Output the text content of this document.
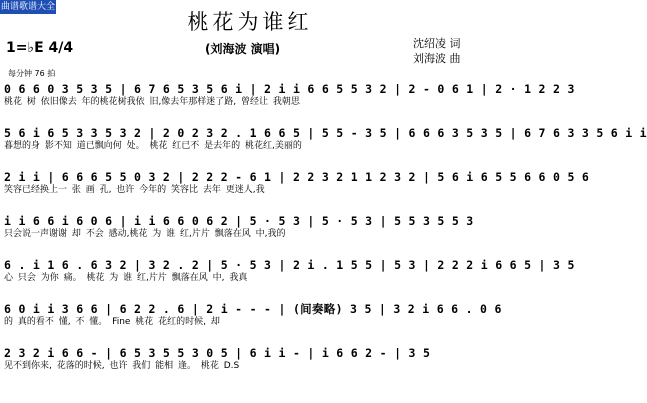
曲谱歌谱大全
桃花为谁红
(刘海波 演唱)	沈绍凌 词
刘海波 曲
1=♭E 4/4
每分钟 76 拍
0 6 6 0 3 5 3 5 | 6 7 6 5 3 5 6 i | 2 i i 6 6 5 5 3 2 | 2 - 0 6 1 | 2 · 1 2 2 3
桃花 树 依旧像去 年的桃花树我依 旧,像去年那样迷了路, 曾经让 我朝思
5 6 i 6 5 3 3 5 3 2 | 2 0 2 3 2 . 1 6 6 5 | 5 5 - 3 5 | 6 6 6 3 5 3 5 | 6 7 6 3 3 5 6 i i
暮想的身 影不知 道已飘向何 处。 桃花 红已不 是去年的 桃花红,美丽的
2 i i | 6 6 6 5 5 0 3 2 | 2 2 2 - 6 1 | 2 2 3 2 1 1 2 3 2 | 5 6 i 6 5 5 6 6 0 5 6
笑容已经换上一 张 画 孔, 也许 今年的 笑容比 去年 更迷人,我
i i 6 6 i 6 0 6 | i i 6 6 0 6 2 | 5 · 5 3 | 5 · 5 3 | 5 5 3 5 5 3
只会说一声谢谢 却 不会 感动,桃花 为 谁 红,片片 飘落在风 中,我的
6 . i 1 6 . 6 3 2 | 3 2 . 2 | 5 · 5 3 | 2 i . 1 5 5 | 5 3 | 2 2 2 i 6 6 5 | 3 5
心 只会 为你 痛。 桃花 为 谁 红,片片 飘落在风 中, 我真
6 0 i i 3 6 6 | 6 2 2 . 6 | 2 i - - - | (间奏略) 3 5 | 3 2 i 6 6 . 0 6
的 真的看不 懂, 不 懂。 Fine 桃花 花红的时候, 却
2 3 2 i 6 6 - | 6 5 3 5 5 3 0 5 | 6 i i - | i 6 6 2 - | 3 5
见不到你来, 花落的时候, 也许 我们 能相 逢。 桃花 D.S
